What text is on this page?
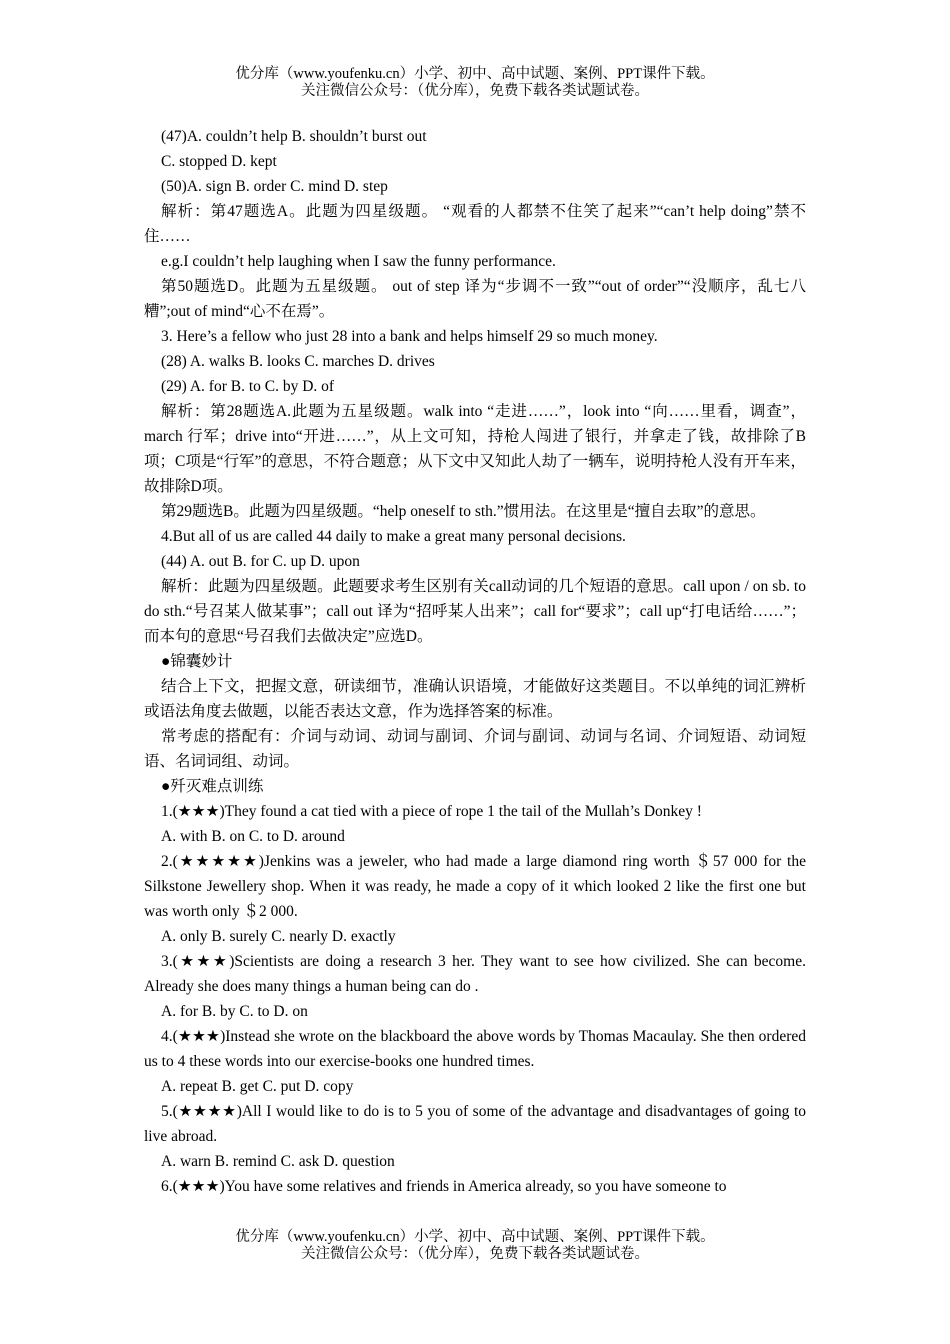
优分库（www.youfenku.cn）小学、初中、高中试题、案例、PPT课件下载。
关注微信公众号：（优分库），免费下载各类试题试卷。

(47)A. couldn’t help B. shouldn’t burst out

C. stopped D. kept

(50)A. sign B. order C. mind D. step

解析：第47题选A。此题为四星级题。 “观看的人都禁不住笑了起来”“can’t help doing”禁不住……

e.g.I couldn’t help laughing when I saw the funny performance.

第50题选D。此题为五星级题。 out of step 译为“步调不一致”“out of order”“没顺序，乱七八糟”;out of mind“心不在焉”。

3. Here’s a fellow who just 28 into a bank and helps himself 29 so much money.

(28) A. walks B. looks C. marches D. drives

(29) A. for B. to C. by D. of

解析：第28题选A.此题为五星级题。walk into “走进……”，look into “向……里看，调查”，march 行军；drive into“开进……”，从上文可知，持枪人闯进了银行，并拿走了钱，故排除了B项；C项是“行军”的意思，不符合题意；从下文中又知此人劫了一辆车，说明持枪人没有开车来，故排除D项。

第29题选B。此题为四星级题。“help oneself to sth.”惯用法。在这里是“擅自去取”的意思。

4.But all of us are called 44 daily to make a great many personal decisions.

(44) A. out B. for C. up D. upon

解析：此题为四星级题。此题要求考生区别有关call动词的几个短语的意思。call upon / on sb. to do sth.“号召某人做某事”；call out 译为“招呼某人出来”；call for“要求”；call up“打电话给……”；而本句的意思“号召我们去做决定”应选D。

●锦囊妙计

结合上下文，把握文意，研读细节，准确认识语境，才能做好这类题目。不以单纯的词汇辨析或语法角度去做题，以能否表达文意，作为选择答案的标准。

常考虑的搭配有：介词与动词、动词与副词、介词与副词、动词与名词、介词短语、动词短语、名词词组、动词。

●歼灭难点训练

1.(★★★)They found a cat tied with a piece of rope 1 the tail of the Mullah’s Donkey !

A. with B. on C. to D. around

2.(★★★★★)Jenkins was a jeweler, who had made a large diamond ring worth ＄57 000 for the Silkstone Jewellery shop. When it was ready, he made a copy of it which looked 2 like the first one but was worth only ＄2 000.

A. only B. surely C. nearly D. exactly

3.(★★★)Scientists are doing a research 3 her. They want to see how civilized. She can become. Already she does many things a human being can do .

A. for B. by C. to D. on

4.(★★★)Instead she wrote on the blackboard the above words by Thomas Macaulay. She then ordered us to 4 these words into our exercise-books one hundred times.

A. repeat B. get C. put D. copy

5.(★★★★)All I would like to do is to 5 you of some of the advantage and disadvantages of going to live abroad.

A. warn B. remind C. ask D. question

6.(★★★)You have some relatives and friends in America already, so you have someone to

优分库（www.youfenku.cn）小学、初中、高中试题、案例、PPT课件下载。
关注微信公众号：（优分库），免费下载各类试题试卷。
